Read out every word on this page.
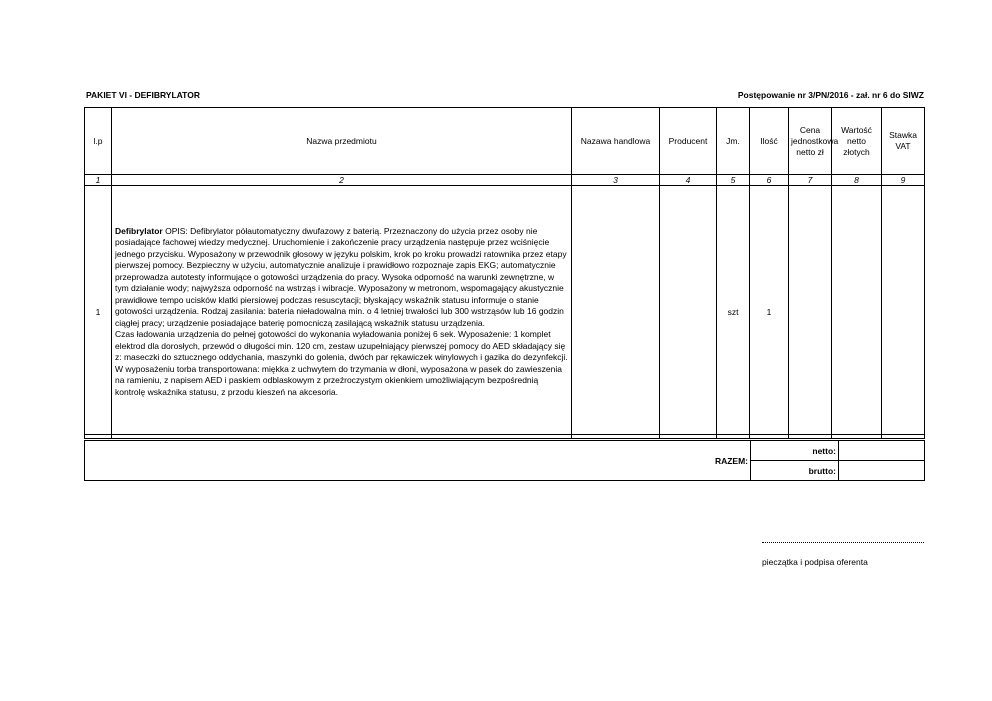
PAKIET VI - DEFIBRYLATOR	Postępowanie nr 3/PN/2016 - zał. nr 6 do SIWZ
l.p	Nazwa przedmiotu	Nazawa handlowa	Producent	Jm.	Ilość	Cena jednostkowa netto zł	Wartość netto złotych	Stawka VAT
1	2	3	4	5	6	7	8	9
1	Defibrylator OPIS: Defibrylator półautomatyczny dwufazowy z baterią. Przeznaczony do użycia przez osoby nie posiadające fachowej wiedzy medycznej. Uruchomienie i zakończenie pracy urządzenia następuje przez wciśnięcie jednego przycisku. Wyposażony w przewodnik głosowy w języku polskim, krok po kroku prowadzi ratownika przez etapy pierwszej pomocy. Bezpieczny w użyciu, automatycznie analizuje i prawidłowo rozpoznaje zapis EKG; automatycznie przeprowadza autotesty informujące o gotowości urządzenia do pracy. Wysoka odporność na warunki zewnętrzne, w tym działanie wody; najwyższa odporność na wstrząs i wibracje. Wyposażony w metronom, wspomagający akustycznie prawidłowe tempo ucisków klatki piersiowej podczas resuscytacji; błyskający wskaźnik statusu informuje o stanie gotowości urządzenia. Rodzaj zasilania: bateria nieładowalna min. o 4 letniej trwałości lub 300 wstrząsów lub 16 godzin ciągłej pracy; urządzenie posiadające baterię pomocniczą zasilającą wskaźnik statusu urządzenia.

Czas ładowania urządzenia do pełnej gotowości do wykonania wyładowania poniżej 6 sek. Wyposażenie: 1 komplet elektrod dla dorosłych, przewód o długości min. 120 cm, zestaw uzupełniający pierwszej pomocy do AED składający się z: maseczki do sztucznego oddychania, maszynki do golenia, dwóch par rękawiczek winylowych i gazika do dezynfekcji. W wyposażeniu torba transportowana: miękka z uchwytem do trzymania w dłoni, wyposażona w pasek do zawieszenia na ramieniu, z napisem AED i paskiem odblaskowym z przeźroczystym okienkiem umożliwiającym bezpośrednią kontrolę wskaźnika statusu, z przodu kieszeń na akcesoria.			szt	1			
RAZEM:	netto:	
	brutto:	
pieczątka i podpisa oferenta
